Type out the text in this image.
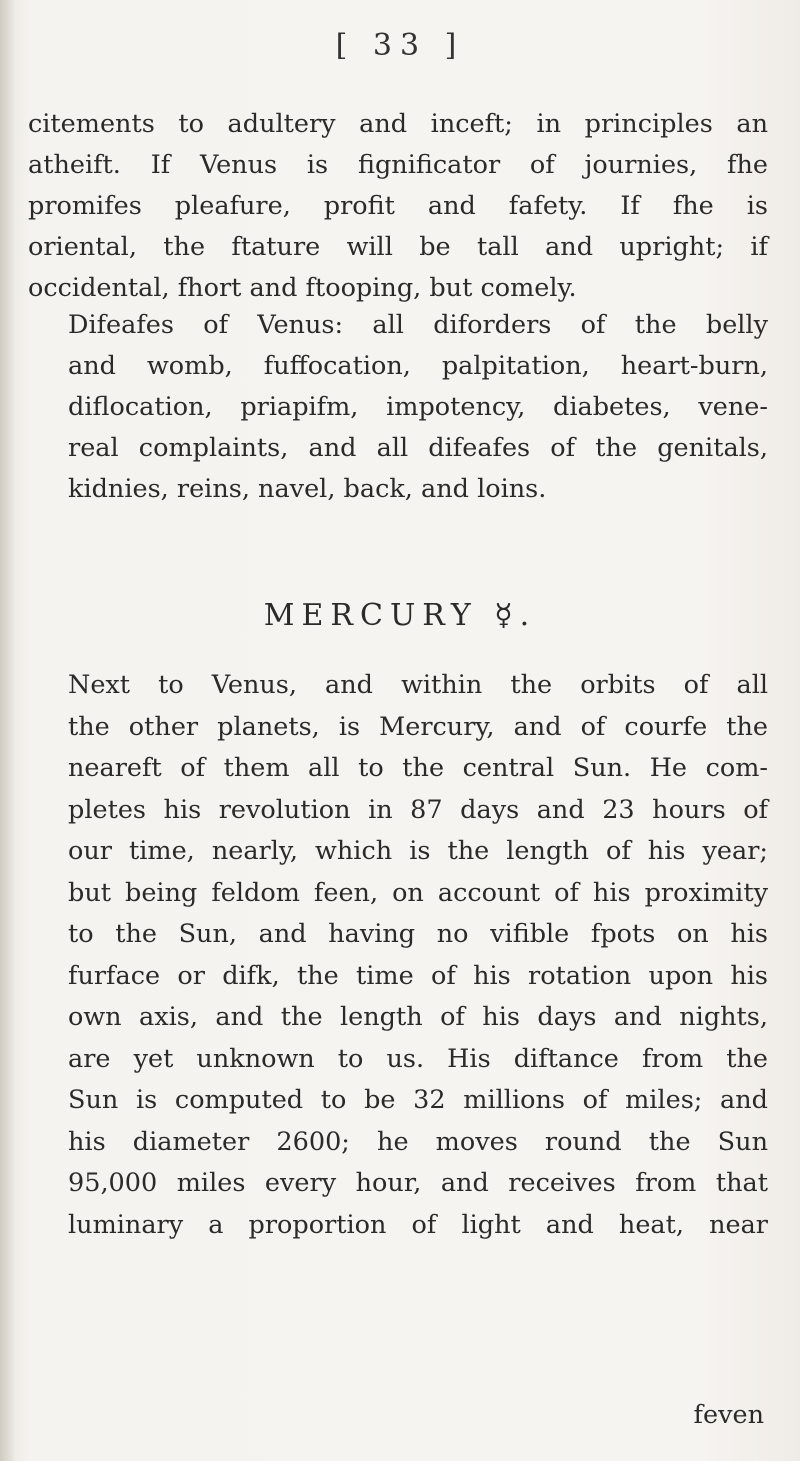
[ 33 ]
citements to adultery and inceft; in principles an
atheift. If Venus is fignificator of journies, fhe
promifes pleafure, profit and fafety. If fhe is
oriental, the ftature will be tall and upright; if
occidental, fhort and ftooping, but comely.
Difeafes of Venus: all diforders of the belly
and womb, fuffocation, palpitation, heart-burn,
diflocation, priapifm, impotency, diabetes, vene-
real complaints, and all difeafes of the genitals,
kidnies, reins, navel, back, and loins.
MERCURY ☿.
Next to Venus, and within the orbits of all
the other planets, is Mercury, and of courfe the
neareft of them all to the central Sun. He com-
pletes his revolution in 87 days and 23 hours of
our time, nearly, which is the length of his year;
but being feldom feen, on account of his proximity
to the Sun, and having no vifible fpots on his
furface or difk, the time of his rotation upon his
own axis, and the length of his days and nights,
are yet unknown to us. His diftance from the
Sun is computed to be 32 millions of miles; and
his diameter 2600; he moves round the Sun
95,000 miles every hour, and receives from that
luminary a proportion of light and heat, near
feven
